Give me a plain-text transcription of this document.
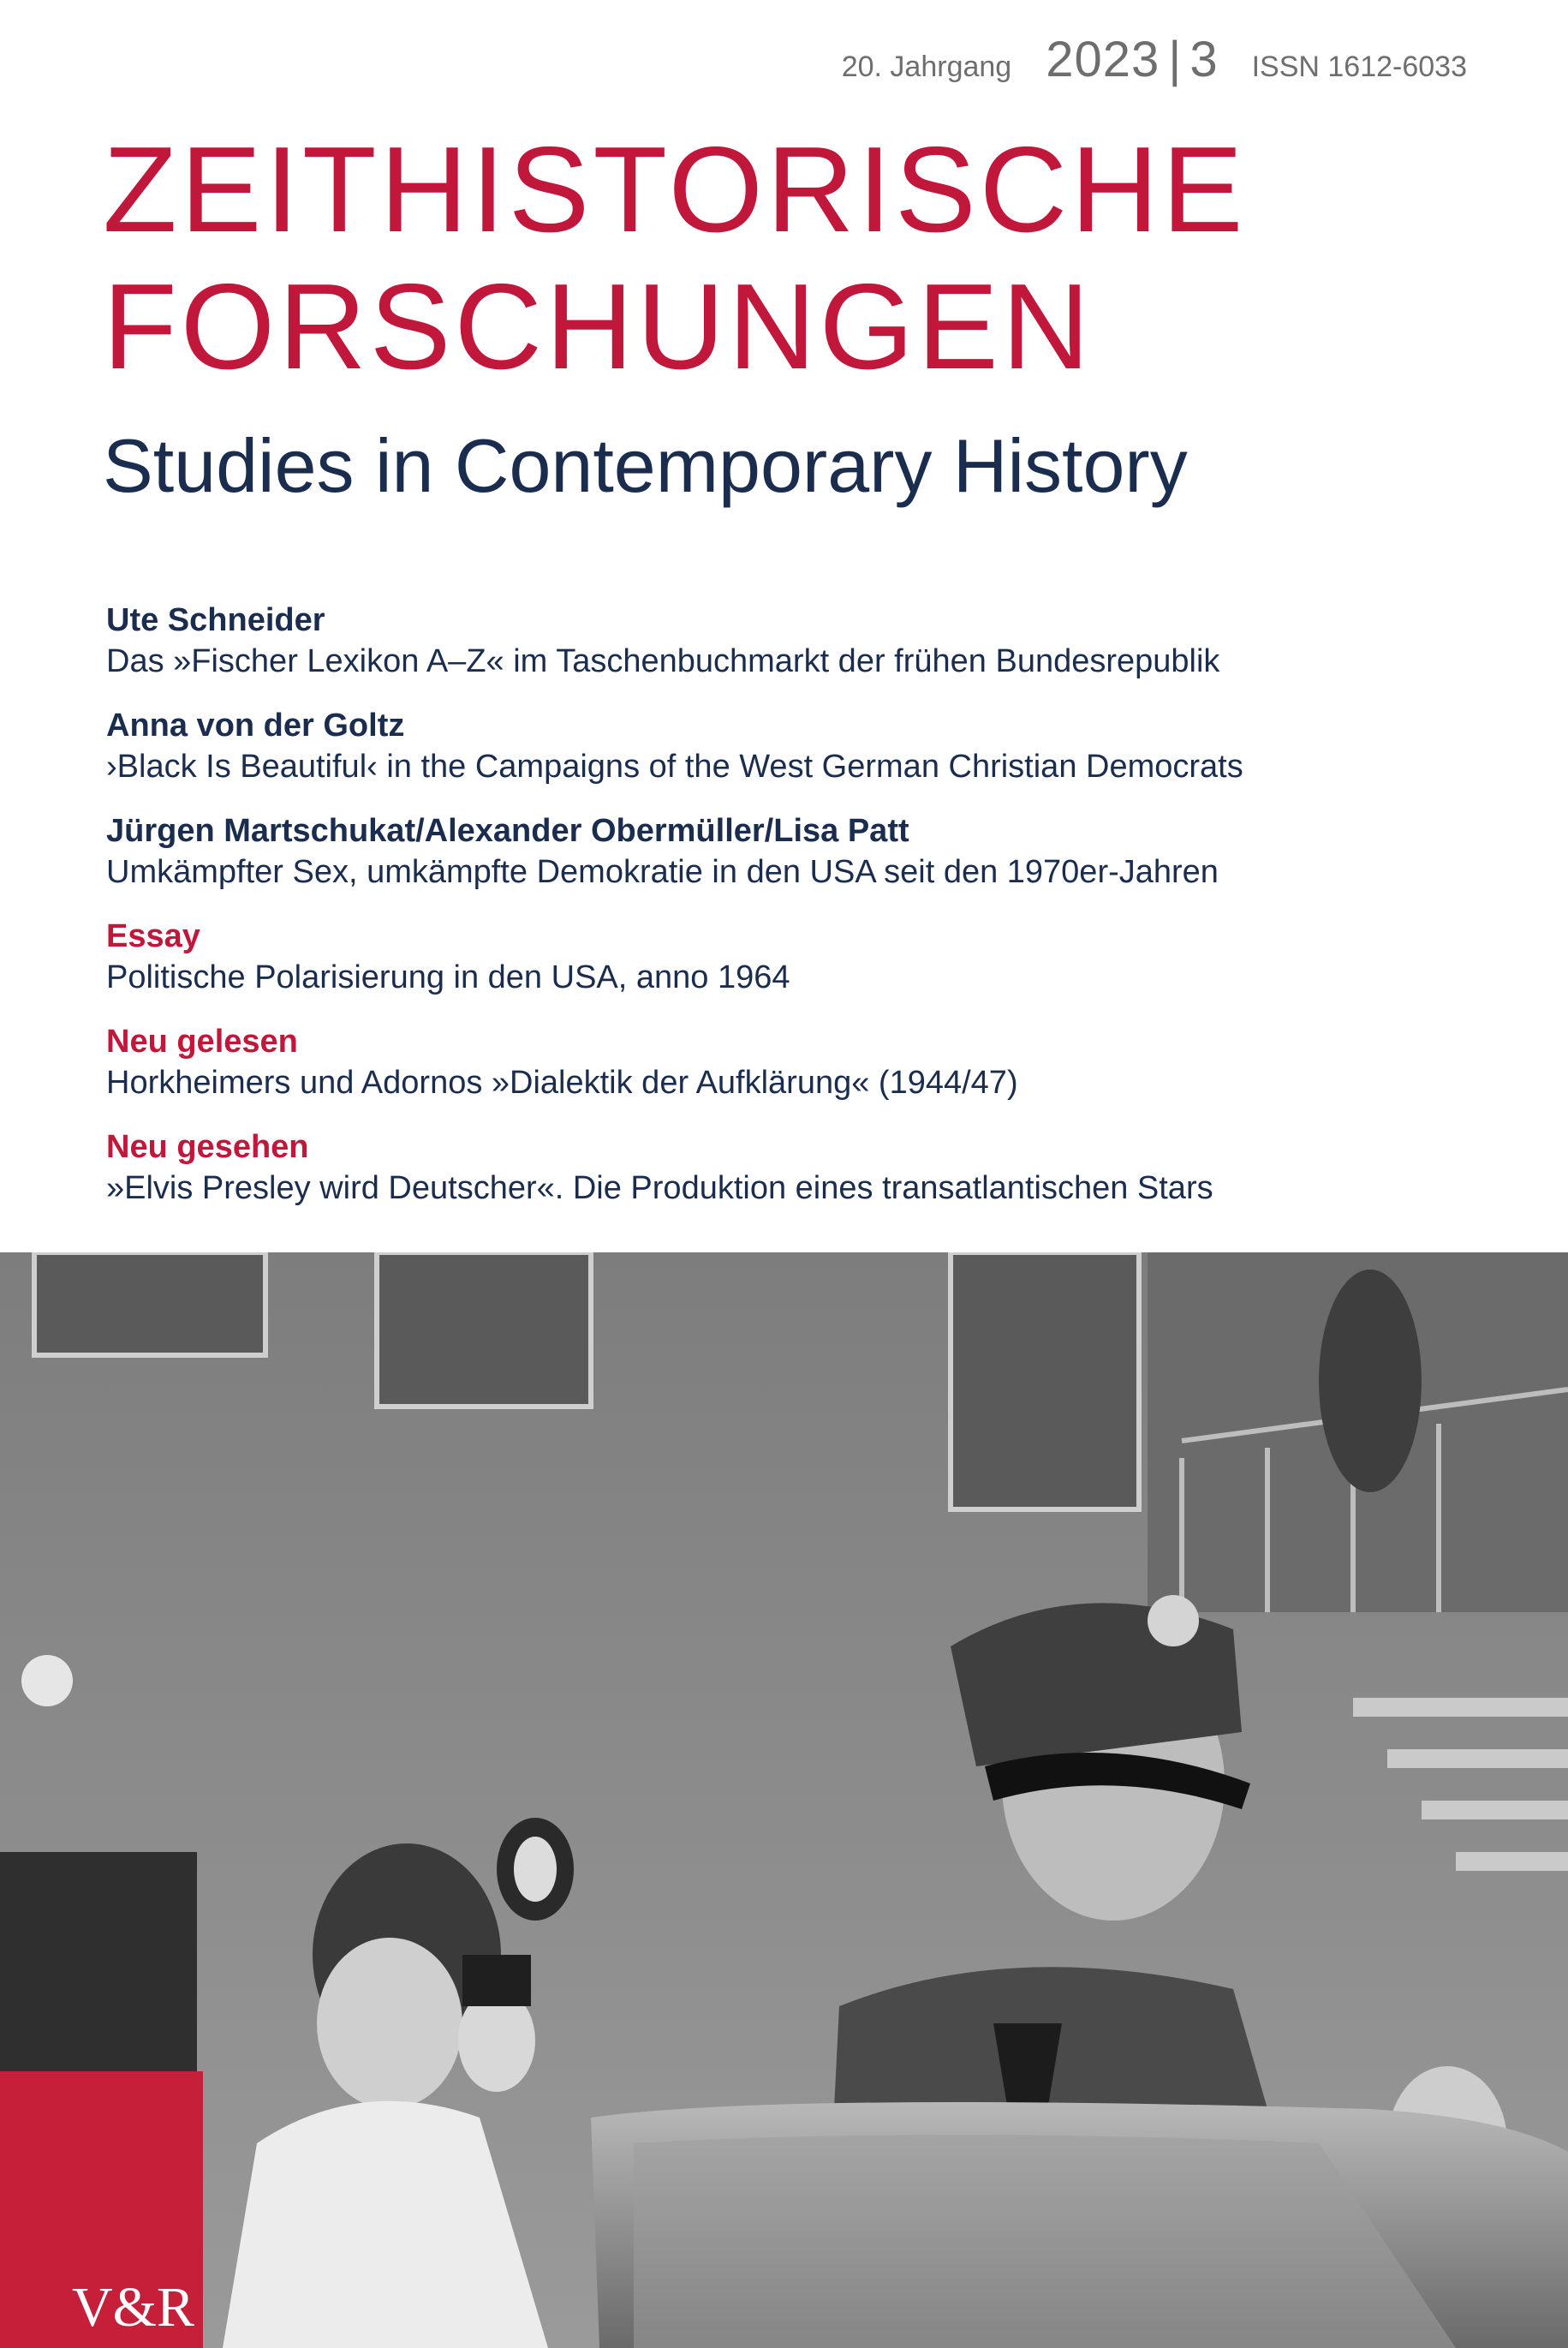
20. Jahrgang 2023 | 3 ISSN 1612-6033
ZEITHISTORISCHE
FORSCHUNGEN
Studies in Contemporary History
Ute Schneider
Das »Fischer Lexikon A–Z« im Taschenbuchmarkt der frühen Bundesrepublik
Anna von der Goltz
›Black Is Beautiful‹ in the Campaigns of the West German Christian Democrats
Jürgen Martschukat/Alexander Obermüller/Lisa Patt
Umkämpfter Sex, umkämpfte Demokratie in den USA seit den 1970er-Jahren
Essay
Politische Polarisierung in den USA, anno 1964
Neu gelesen
Horkheimers und Adornos »Dialektik der Aufklärung« (1944/47)
Neu gesehen
»Elvis Presley wird Deutscher«. Die Produktion eines transatlantischen Stars
V&R
